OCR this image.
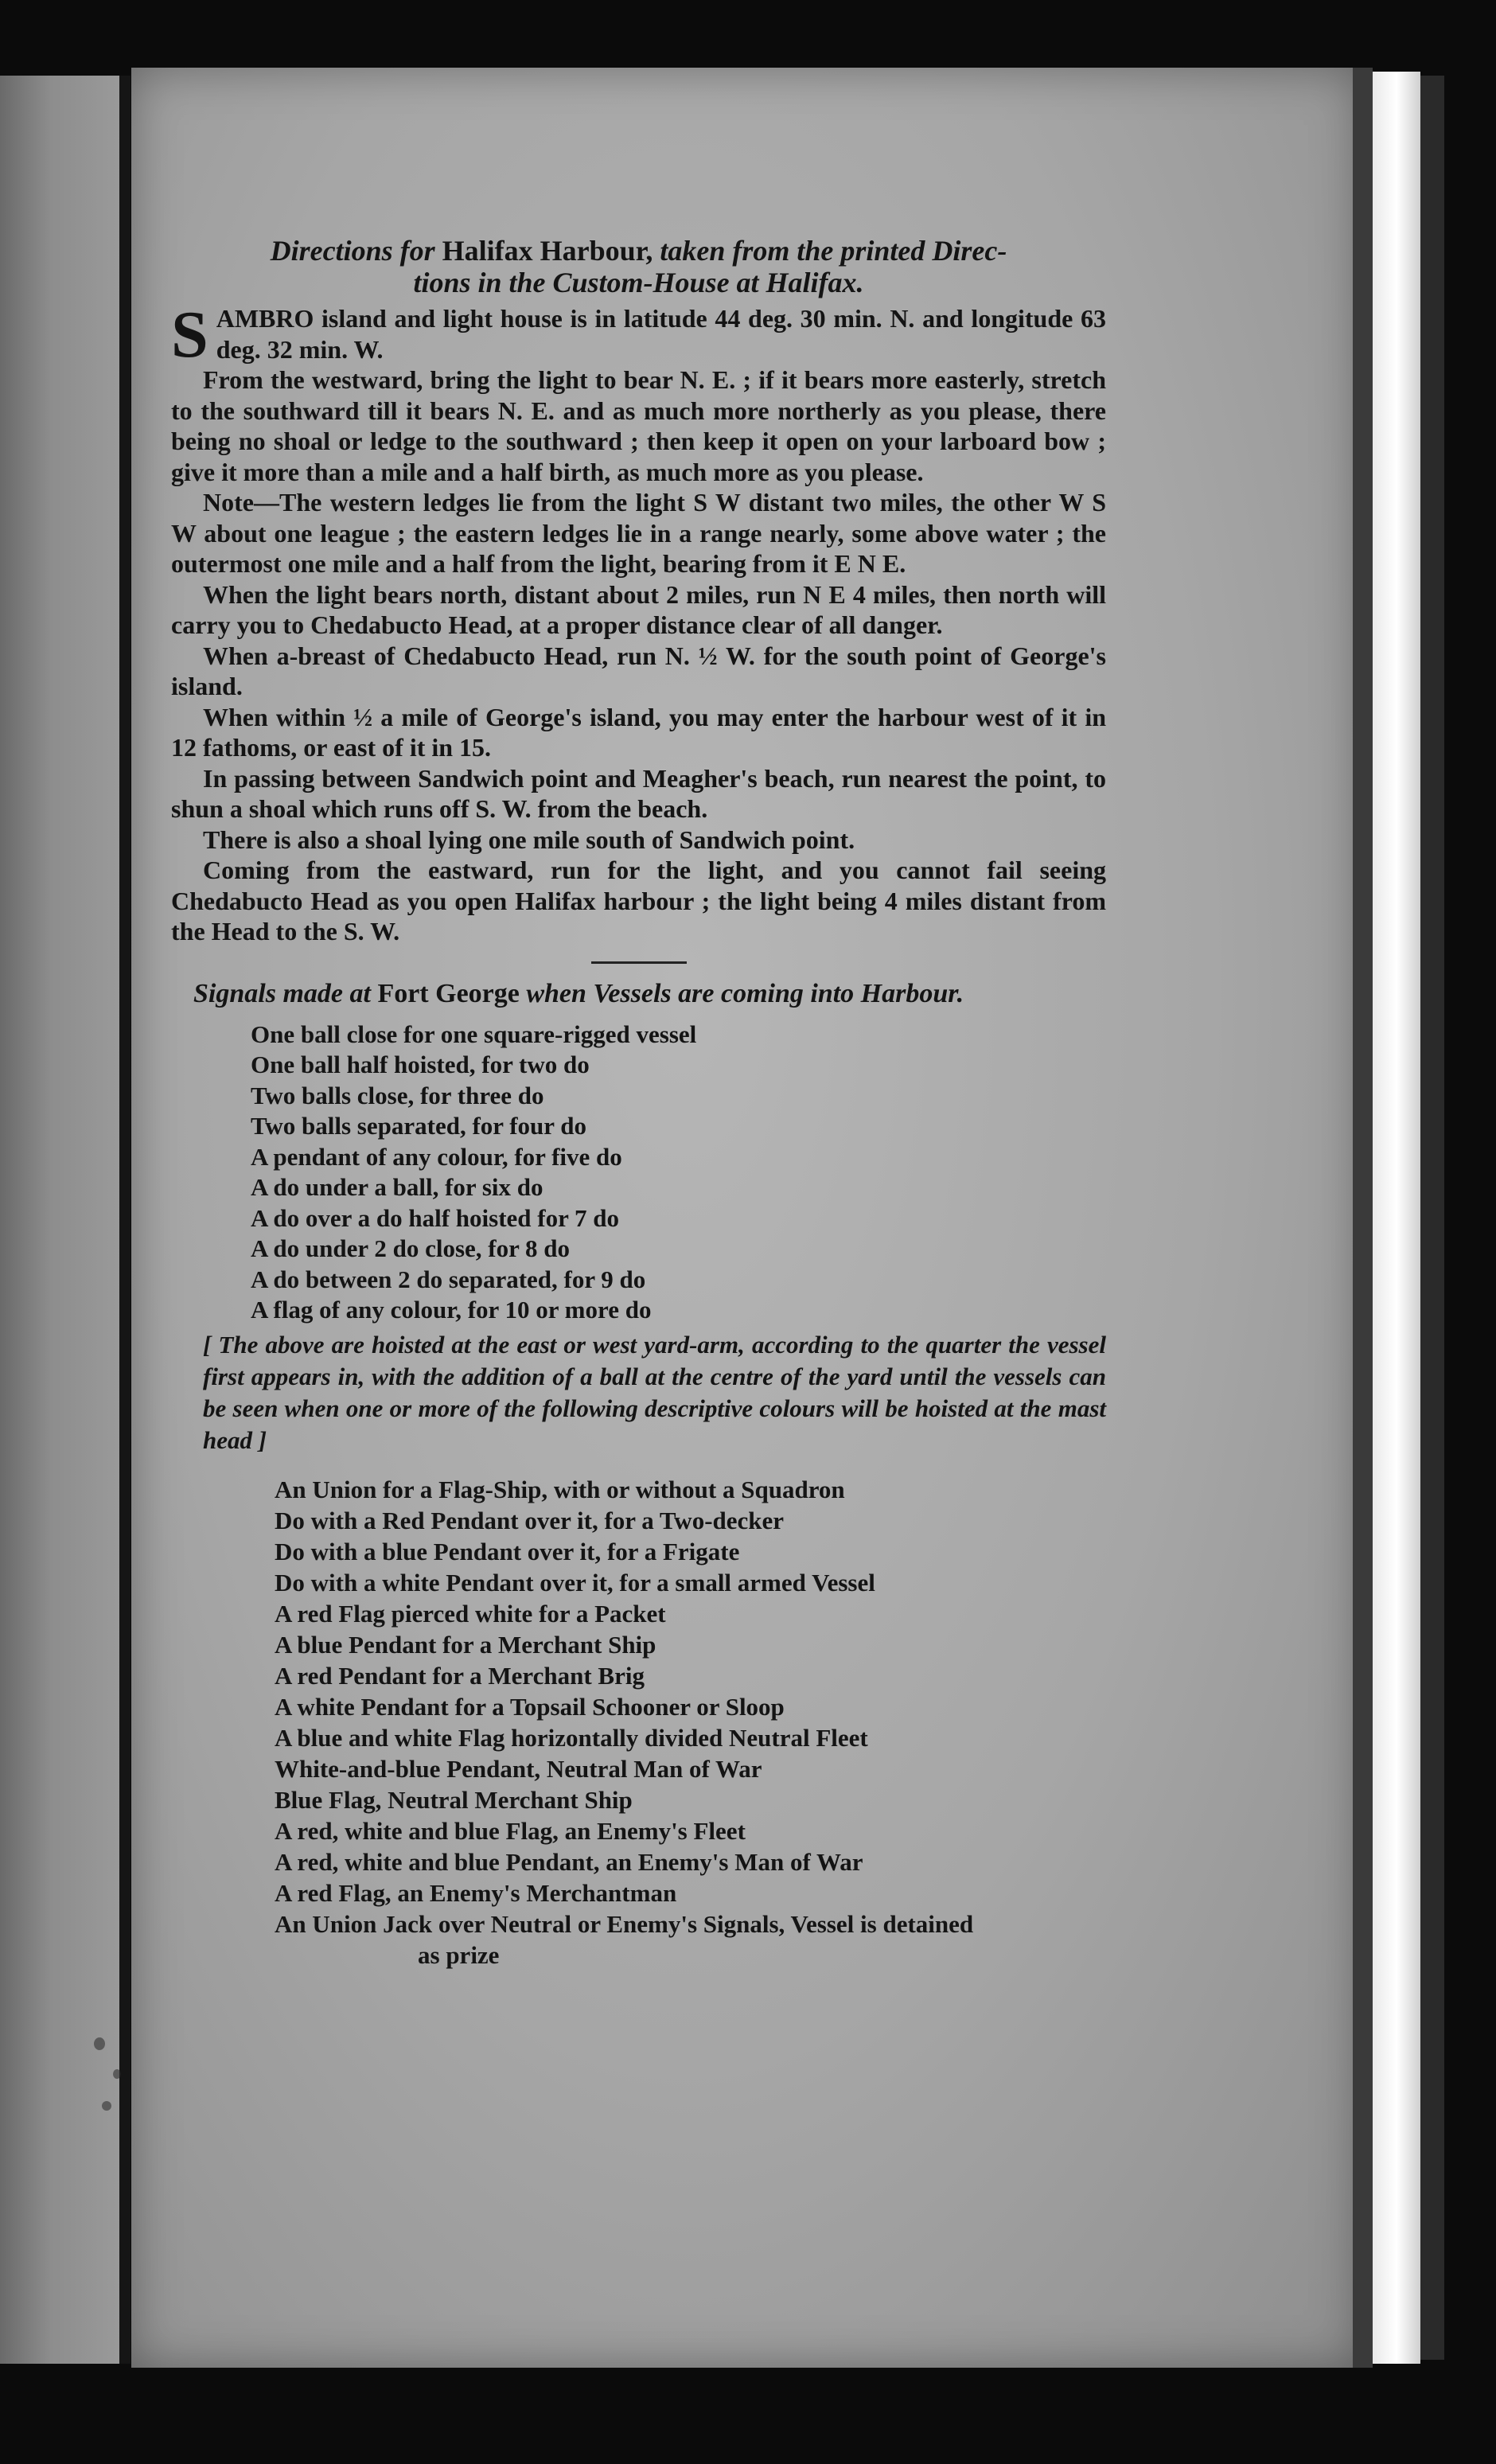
Directions for Halifax Harbour, taken from the printed Direc-
tions in the Custom-House at Halifax.

SAMBRO island and light house is in latitude 44 deg. 30 min. N. and longitude 63 deg. 32 min. W.

From the westward, bring the light to bear N. E. ; if it bears more easterly, stretch to the southward till it bears N. E. and as much more northerly as you please, there being no shoal or ledge to the southward ; then keep it open on your larboard bow ; give it more than a mile and a half birth, as much more as you please.

Note—The western ledges lie from the light S W distant two miles, the other W S W about one league ; the eastern ledges lie in a range nearly, some above water ; the outermost one mile and a half from the light, bearing from it E N E.

When the light bears north, distant about 2 miles, run N E 4 miles, then north will carry you to Chedabucto Head, at a proper distance clear of all danger.

When a-breast of Chedabucto Head, run N. ½ W. for the south point of George's island.

When within ½ a mile of George's island, you may enter the harbour west of it in 12 fathoms, or east of it in 15.

In passing between Sandwich point and Meagher's beach, run nearest the point, to shun a shoal which runs off S. W. from the beach.

There is also a shoal lying one mile south of Sandwich point.

Coming from the eastward, run for the light, and you cannot fail seeing Chedabucto Head as you open Halifax harbour ; the light being 4 miles distant from the Head to the S. W.

Signals made at Fort George when Vessels are coming into Harbour.
One ball close for one square-rigged vessel
One ball half hoisted, for two do
Two balls close, for three do
Two balls separated, for four do
A pendant of any colour, for five do
A do under a ball, for six do
A do over a do half hoisted for 7 do
A do under 2 do close, for 8 do
A do between 2 do separated, for 9 do
A flag of any colour, for 10 or more do

[ The above are hoisted at the east or west yard-arm, according to the quarter the vessel first appears in, with the addition of a ball at the centre of the yard until the vessels can be seen when one or more of the following descriptive colours will be hoisted at the mast head ]

An Union for a Flag-Ship, with or without a Squadron
Do with a Red Pendant over it, for a Two-decker
Do with a blue Pendant over it, for a Frigate
Do with a white Pendant over it, for a small armed Vessel
A red Flag pierced white for a Packet
A blue Pendant for a Merchant Ship
A red Pendant for a Merchant Brig
A white Pendant for a Topsail Schooner or Sloop
A blue and white Flag horizontally divided Neutral Fleet
White-and-blue Pendant, Neutral Man of War
Blue Flag, Neutral Merchant Ship
A red, white and blue Flag, an Enemy's Fleet
A red, white and blue Pendant, an Enemy's Man of War
A red Flag, an Enemy's Merchantman
An Union Jack over Neutral or Enemy's Signals, Vessel is detained
as prize
